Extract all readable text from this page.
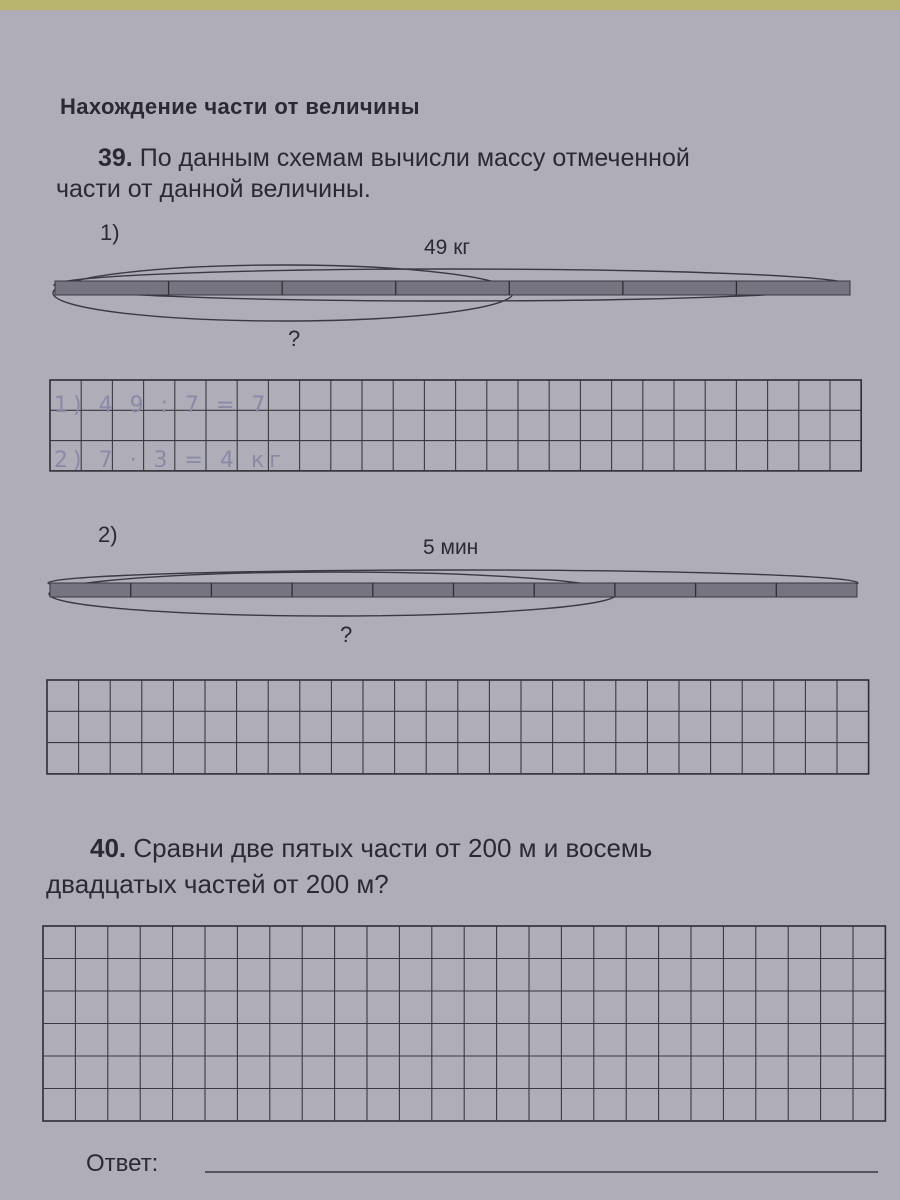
Нахождение части от величины

39. По данным схемам вычисли массу отмеченной

части от данной величины.

1)

49 кг

?

2)

5 мин

?

40. Сравни две пятых части от 200 м и восемь

двадцатых частей от 200 м?

Ответ:

1) 4 9 : 7 = 7
2) 7 · 3 = 4 кг
